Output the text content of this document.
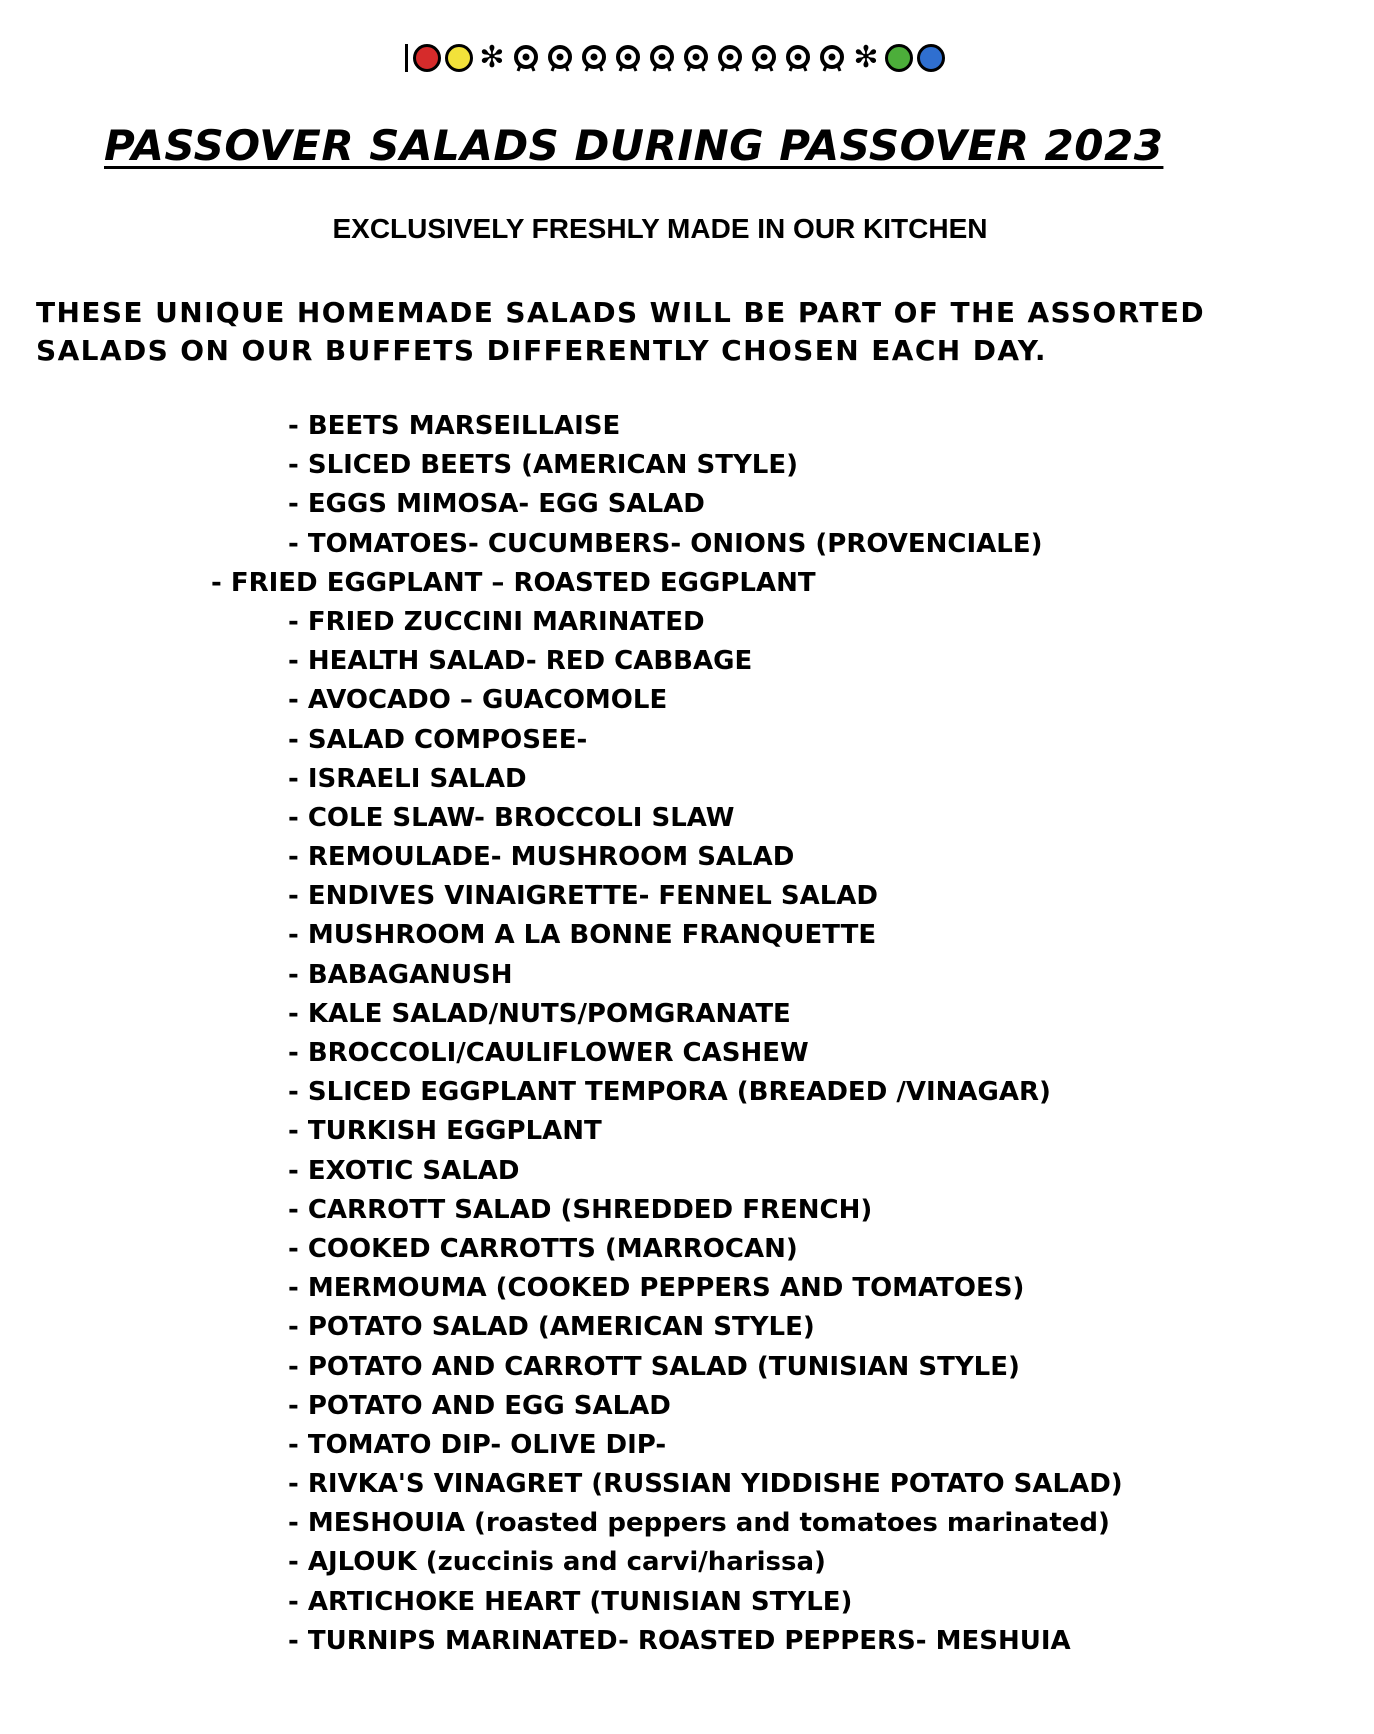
✻	✻
PASSOVER SALADS DURING PASSOVER 2023
EXCLUSIVELY FRESHLY MADE IN OUR KITCHEN

THESE UNIQUE HOMEMADE SALADS WILL BE PART OF THE ASSORTED
SALADS ON OUR BUFFETS DIFFERENTLY CHOSEN EACH DAY.

- BEETS MARSEILLAISE
- SLICED BEETS (AMERICAN STYLE)
- EGGS MIMOSA- EGG SALAD
- TOMATOES- CUCUMBERS- ONIONS (PROVENCIALE)
- FRIED EGGPLANT – ROASTED EGGPLANT
- FRIED ZUCCINI MARINATED
- HEALTH SALAD- RED CABBAGE
- AVOCADO – GUACOMOLE
- SALAD COMPOSEE-
- ISRAELI SALAD
- COLE SLAW- BROCCOLI SLAW
- REMOULADE- MUSHROOM SALAD
- ENDIVES VINAIGRETTE- FENNEL SALAD
- MUSHROOM A LA BONNE FRANQUETTE
- BABAGANUSH
- KALE SALAD/NUTS/POMGRANATE
- BROCCOLI/CAULIFLOWER CASHEW
- SLICED EGGPLANT TEMPORA (BREADED /VINAGAR)
- TURKISH EGGPLANT
- EXOTIC SALAD
- CARROTT SALAD (SHREDDED FRENCH)
- COOKED CARROTTS (MARROCAN)
- MERMOUMA (COOKED PEPPERS AND TOMATOES)
- POTATO SALAD (AMERICAN STYLE)
- POTATO AND CARROTT SALAD (TUNISIAN STYLE)
- POTATO AND EGG SALAD
- TOMATO DIP- OLIVE DIP-
- RIVKA'S VINAGRET (RUSSIAN YIDDISHE POTATO SALAD)
- MESHOUIA (roasted peppers and tomatoes marinated)
- AJLOUK (zuccinis and carvi/harissa)
- ARTICHOKE HEART (TUNISIAN STYLE)
- TURNIPS MARINATED- ROASTED PEPPERS- MESHUIA
